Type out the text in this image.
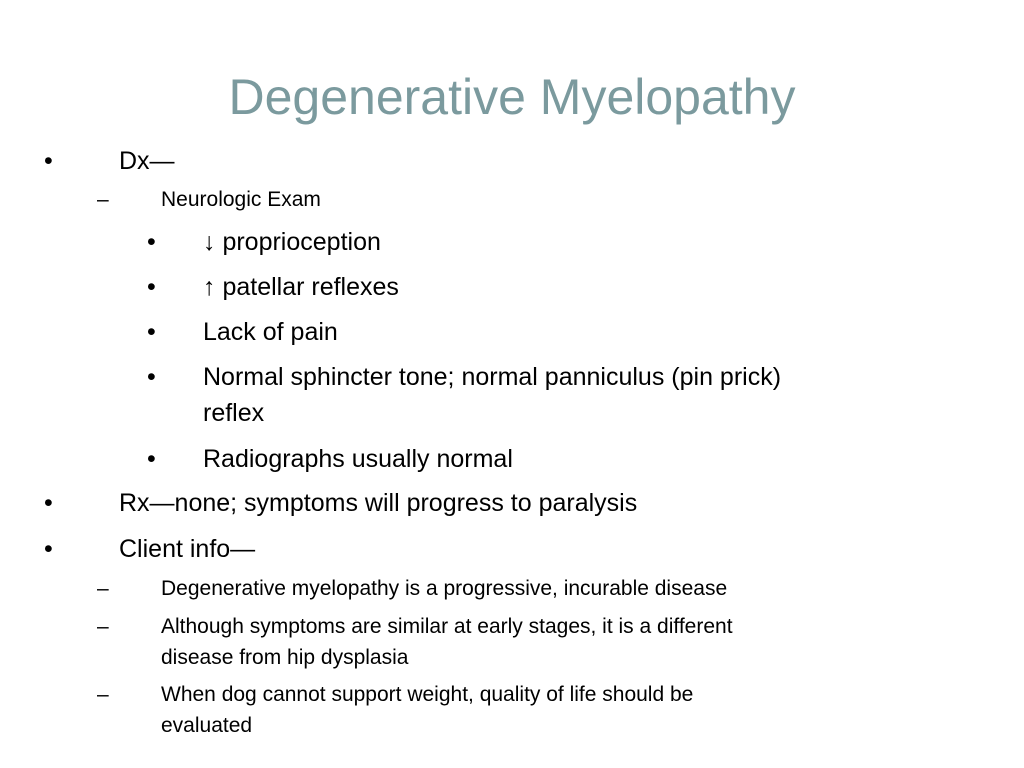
Degenerative Myelopathy
•	Dx—
– Neurologic Exam
• ↓ proprioception
• ↑ patellar reflexes
• Lack of pain
• Normal sphincter tone; normal panniculus (pin prick)
reflex
• Radiographs usually normal
•	Rx—none; symptoms will progress to paralysis
•	Client info—
– Degenerative myelopathy is a progressive, incurable disease
– Although symptoms are similar at early stages, it is a different
disease from hip dysplasia
– When dog cannot support weight, quality of life should be
evaluated
